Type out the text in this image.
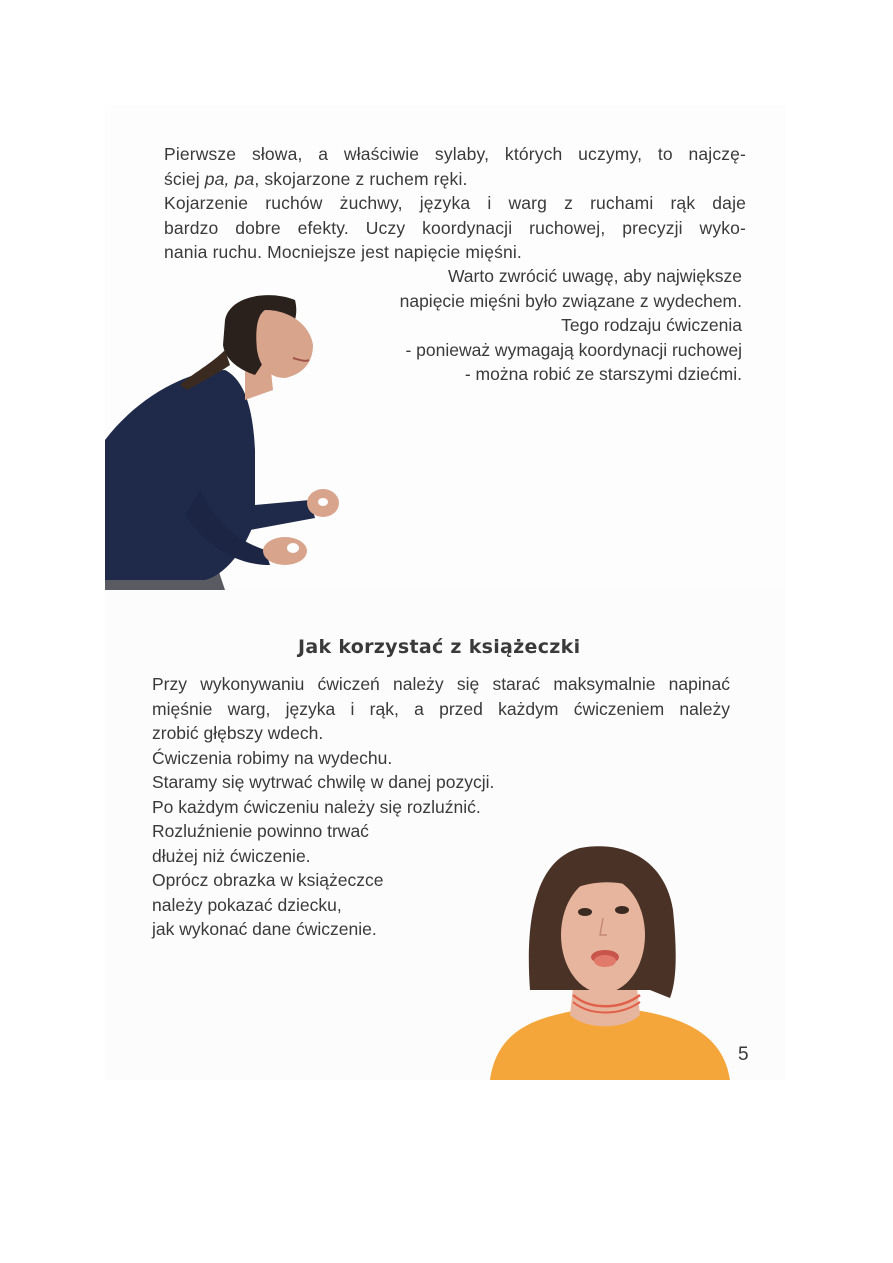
Pierwsze słowa, a właściwie sylaby, których uczymy, to najczę-
ściej pa, pa, skojarzone z ruchem ręki.
Kojarzenie ruchów żuchwy, języka i warg z ruchami rąk daje
bardzo dobre efekty. Uczy koordynacji ruchowej, precyzji wyko-
nania ruchu. Mocniejsze jest napięcie mięśni.
Warto zwrócić uwagę, aby największe
napięcie mięśni było związane z wydechem.
Tego rodzaju ćwiczenia
- ponieważ wymagają koordynacji ruchowej
- można robić ze starszymi dziećmi.
Jak korzystać z książeczki
Przy wykonywaniu ćwiczeń należy się starać maksymalnie napinać
mięśnie warg, języka i rąk, a przed każdym ćwiczeniem należy
zrobić głębszy wdech.
Ćwiczenia robimy na wydechu.
Staramy się wytrwać chwilę w danej pozycji.
Po każdym ćwiczeniu należy się rozluźnić.
Rozluźnienie powinno trwać
dłużej niż ćwiczenie.
Oprócz obrazka w książeczce
należy pokazać dziecku,
jak wykonać dane ćwiczenie.
5
